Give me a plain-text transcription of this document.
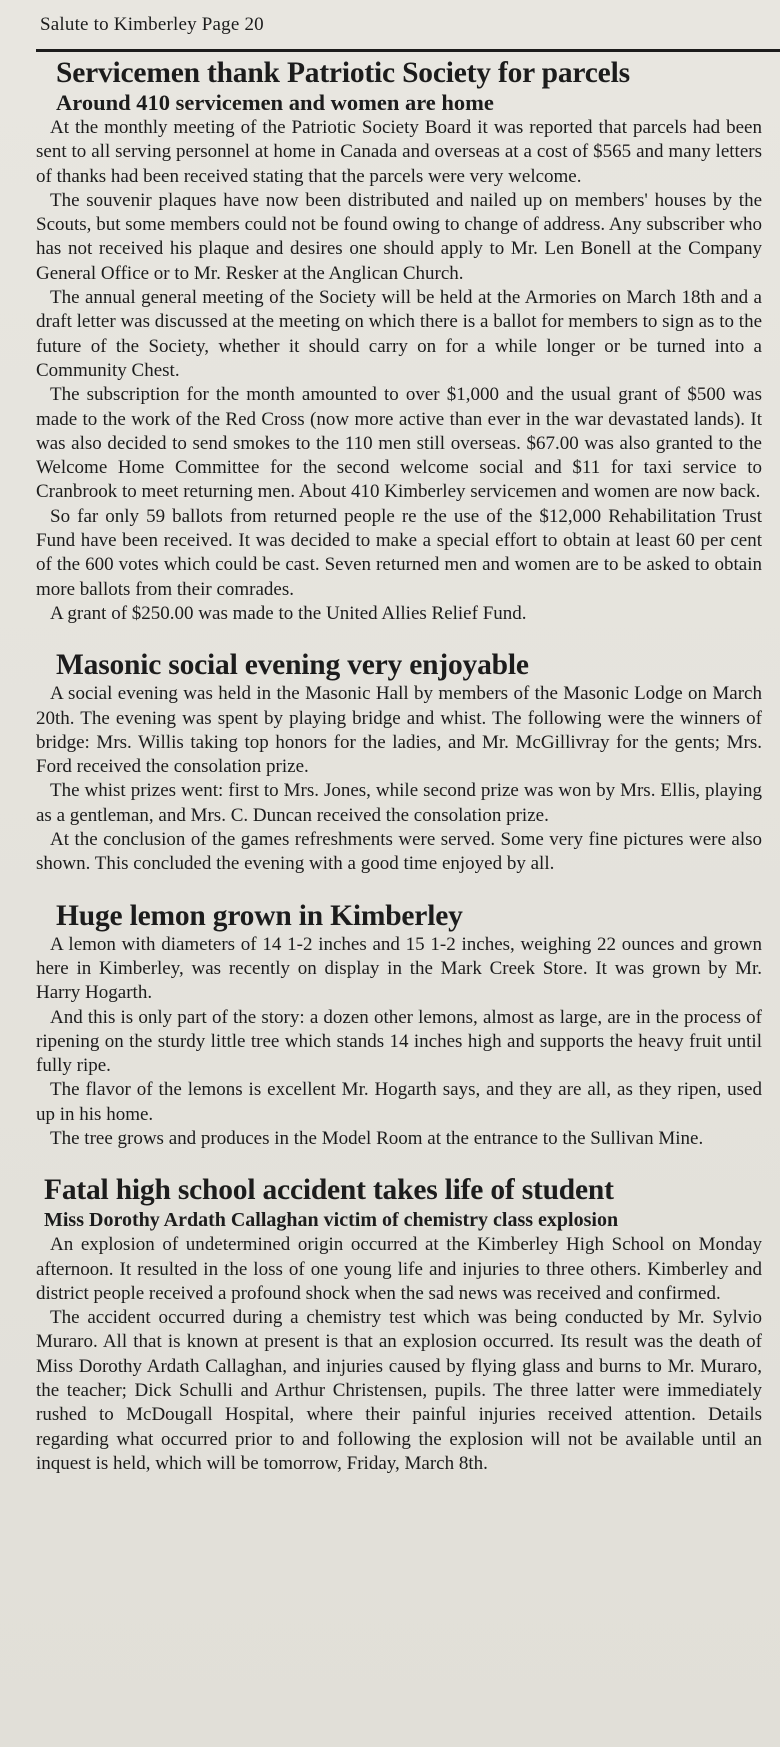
Salute to Kimberley Page 20
Servicemen thank Patriotic Society for parcels
Around 410 servicemen and women are home

At the monthly meeting of the Patriotic Society Board it was reported that parcels had been sent to all serving personnel at home in Canada and overseas at a cost of $565 and many letters of thanks had been received stating that the parcels were very welcome.

The souvenir plaques have now been distributed and nailed up on members' houses by the Scouts, but some members could not be found owing to change of address. Any subscriber who has not received his plaque and desires one should apply to Mr. Len Bonell at the Company General Office or to Mr. Resker at the Anglican Church.

The annual general meeting of the Society will be held at the Armories on March 18th and a draft letter was discussed at the meeting on which there is a ballot for members to sign as to the future of the Society, whether it should carry on for a while longer or be turned into a Community Chest.

The subscription for the month amounted to over $1,000 and the usual grant of $500 was made to the work of the Red Cross (now more active than ever in the war devastated lands). It was also decided to send smokes to the 110 men still overseas. $67.00 was also granted to the Welcome Home Committee for the second welcome social and $11 for taxi service to Cranbrook to meet returning men. About 410 Kimberley servicemen and women are now back.

So far only 59 ballots from returned people re the use of the $12,000 Rehabilitation Trust Fund have been received. It was decided to make a special effort to obtain at least 60 per cent of the 600 votes which could be cast. Seven returned men and women are to be asked to obtain more ballots from their comrades.

A grant of $250.00 was made to the United Allies Relief Fund.

Masonic social evening very enjoyable

A social evening was held in the Masonic Hall by members of the Masonic Lodge on March 20th. The evening was spent by playing bridge and whist. The following were the winners of bridge: Mrs. Willis taking top honors for the ladies, and Mr. McGillivray for the gents; Mrs. Ford received the consolation prize.

The whist prizes went: first to Mrs. Jones, while second prize was won by Mrs. Ellis, playing as a gentleman, and Mrs. C. Duncan received the consolation prize.

At the conclusion of the games refreshments were served. Some very fine pictures were also shown. This concluded the evening with a good time enjoyed by all.

Huge lemon grown in Kimberley

A lemon with diameters of 14 1-2 inches and 15 1-2 inches, weighing 22 ounces and grown here in Kimberley, was recently on display in the Mark Creek Store. It was grown by Mr. Harry Hogarth.

And this is only part of the story: a dozen other lemons, almost as large, are in the process of ripening on the sturdy little tree which stands 14 inches high and supports the heavy fruit until fully ripe.

The flavor of the lemons is excellent Mr. Hogarth says, and they are all, as they ripen, used up in his home.

The tree grows and produces in the Model Room at the entrance to the Sullivan Mine.

Fatal high school accident takes life of student
Miss Dorothy Ardath Callaghan victim of chemistry class explosion

An explosion of undetermined origin occurred at the Kimberley High School on Monday afternoon. It resulted in the loss of one young life and injuries to three others. Kimberley and district people received a profound shock when the sad news was received and confirmed.

The accident occurred during a chemistry test which was being conducted by Mr. Sylvio Muraro. All that is known at present is that an explosion occurred. Its result was the death of Miss Dorothy Ardath Callaghan, and injuries caused by flying glass and burns to Mr. Muraro, the teacher; Dick Schulli and Arthur Christensen, pupils. The three latter were immediately rushed to McDougall Hospital, where their painful injuries received attention. Details regarding what occurred prior to and following the explosion will not be available until an inquest is held, which will be tomorrow, Friday, March 8th.
